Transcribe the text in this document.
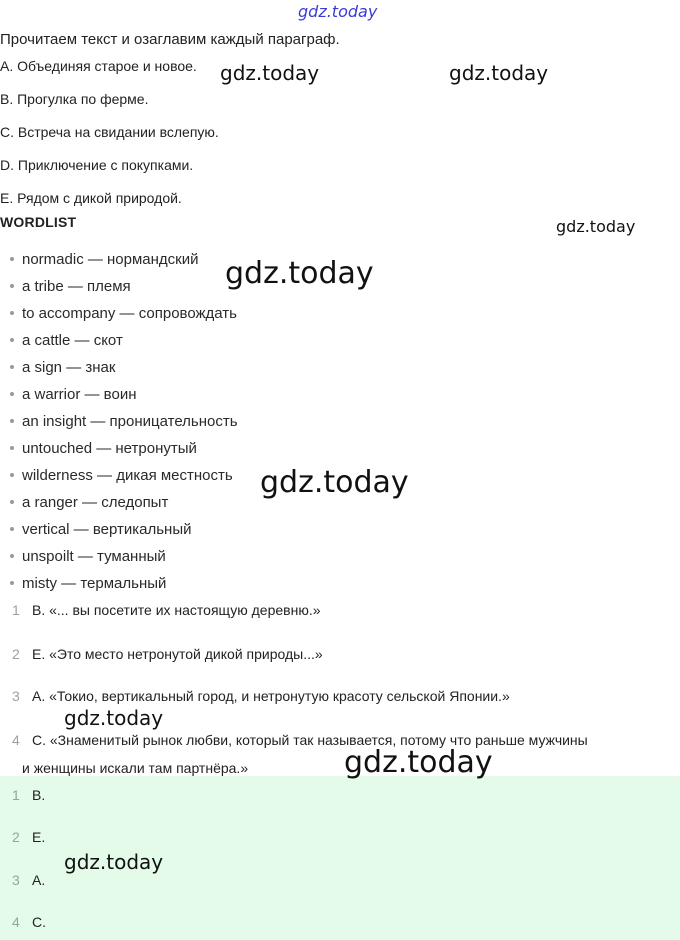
Прочитаем текст и озаглавим каждый параграф.
A. Объединяя старое и новое.
B. Прогулка по ферме.
C. Встреча на свидании вслепую.
D. Приключение с покупками.
E. Рядом с дикой природой.
WORDLIST
normadic — нормандский
a tribe — племя
to accompany — сопровождать
a cattle — скот
a sign — знак
a warrior — воин
an insight — проницательность
untouched — нетронутый
wilderness — дикая местность
a ranger — следопыт
vertical — вертикальный
unspoilt — туманный
misty — термальный
1 B. «... вы посетите их настоящую деревню.»
2 E. «Это место нетронутой дикой природы...»
3 A. «Токио, вертикальный город, и нетронутую красоту сельской Японии.»
4 C. «Знаменитый рынок любви, который так называется, потому что раньше мужчины
и женщины искали там партнёра.»
1 B.
2 E.
3 A.
4 C.
gdz.today
gdz.today	gdz.today
gdz.today
gdz.today
gdz.today
gdz.today
gdz.today
gdz.today
